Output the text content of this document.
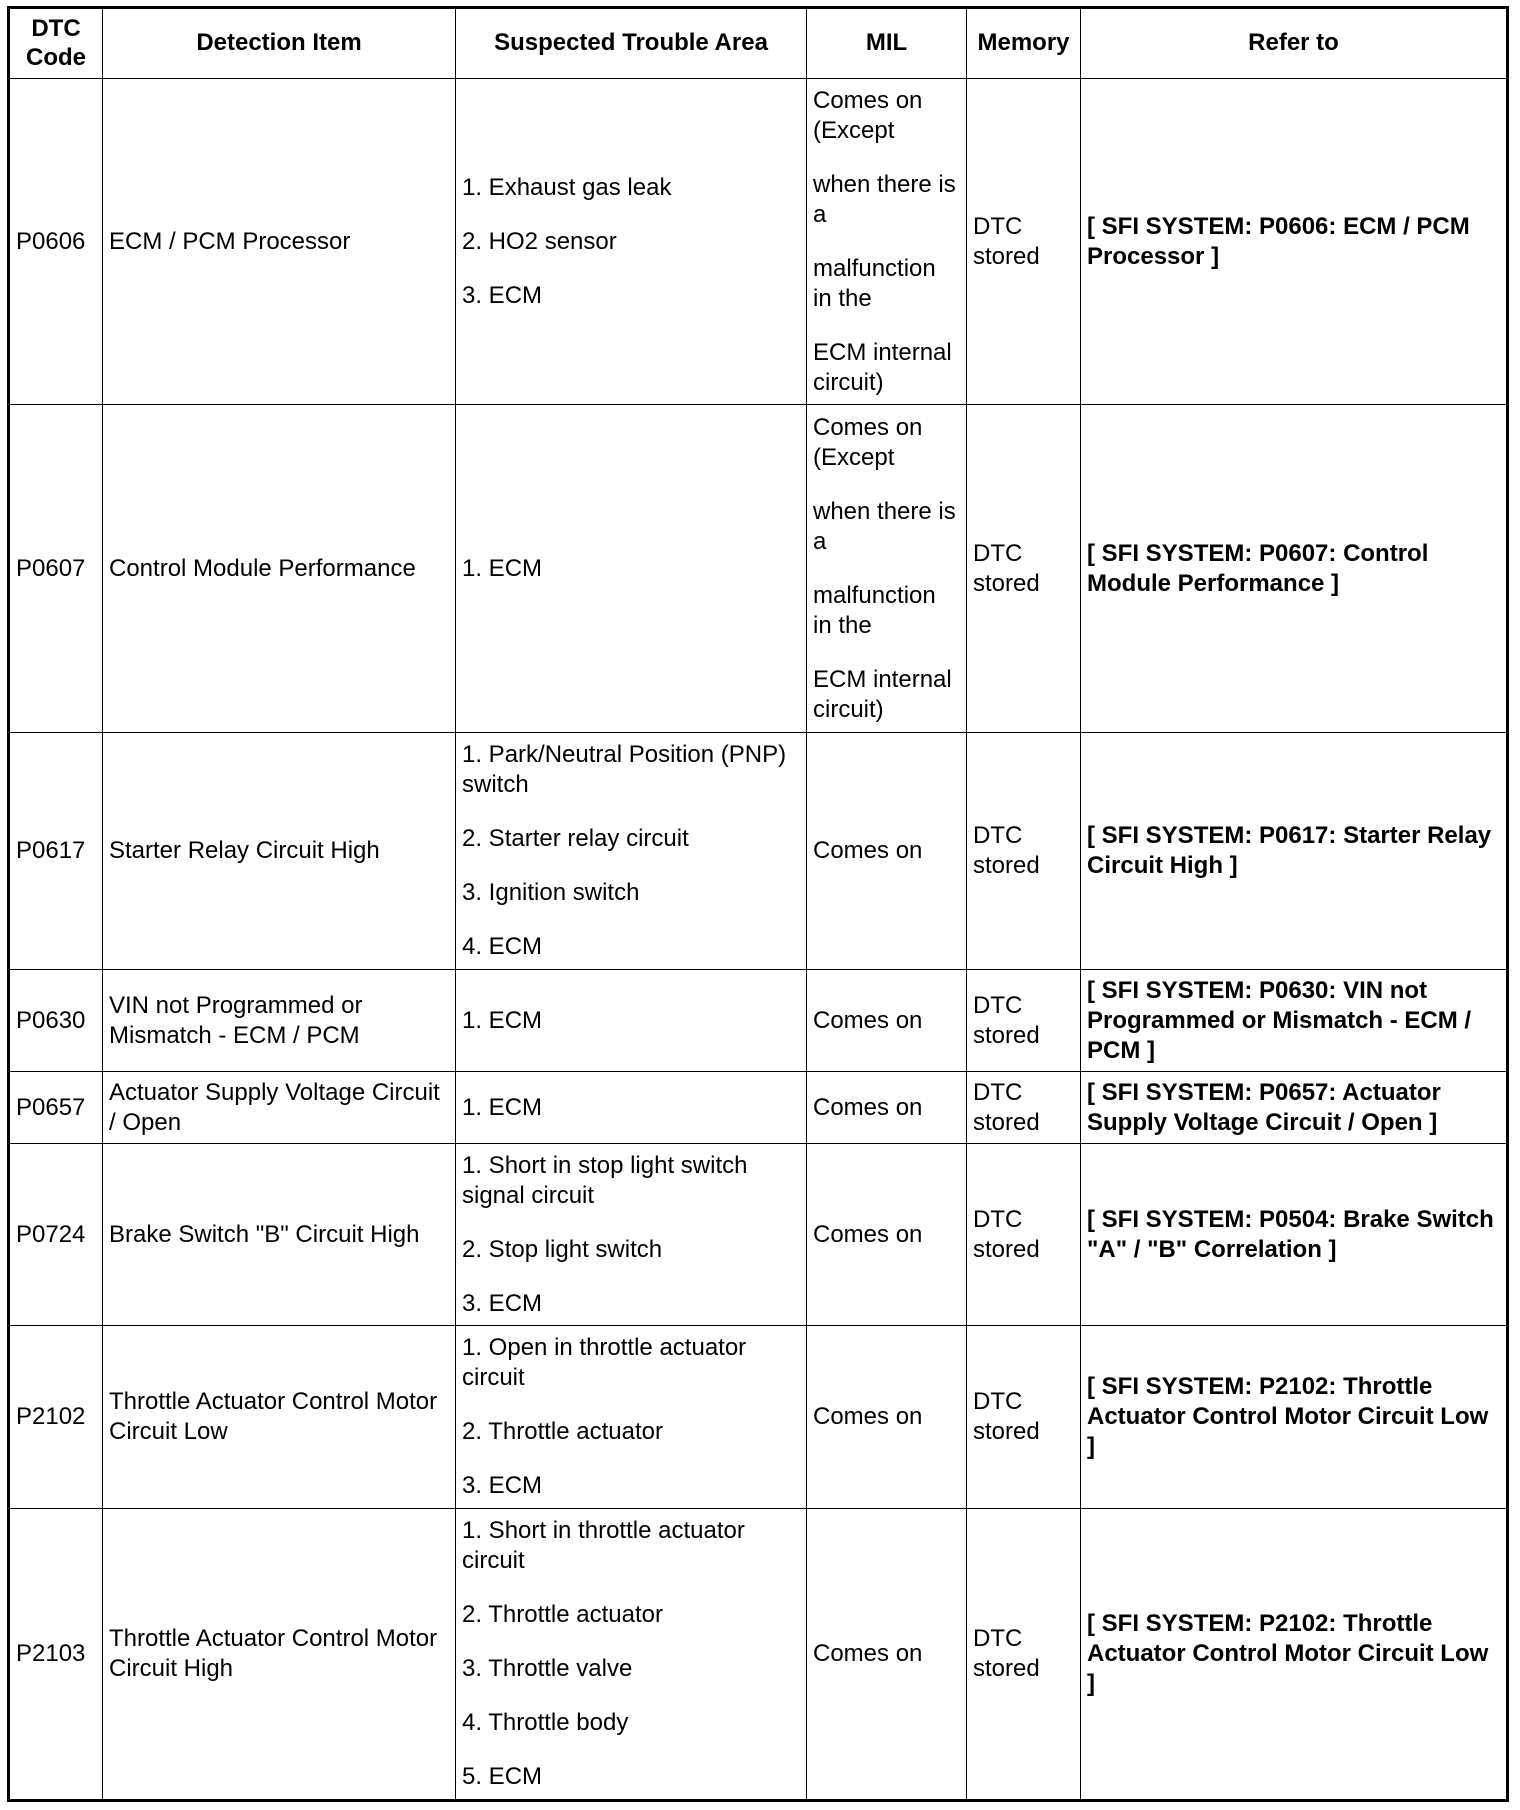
DTC Code	Detection Item	Suspected Trouble Area	MIL	Memory	Refer to
P0606	ECM / PCM Processor	1. Exhaust gas leak
2. HO2 sensor
3. ECM	Comes on (Except
when there is a
malfunction in the
ECM internal circuit)	DTC stored	[ SFI SYSTEM: P0606: ECM / PCM Processor ]
P0607	Control Module Performance	1. ECM	Comes on (Except
when there is a
malfunction in the
ECM internal circuit)	DTC stored	[ SFI SYSTEM: P0607: Control Module Performance ]
P0617	Starter Relay Circuit High	1. Park/Neutral Position (PNP) switch
2. Starter relay circuit
3. Ignition switch
4. ECM	Comes on	DTC stored	[ SFI SYSTEM: P0617: Starter Relay Circuit High ]
P0630	VIN not Programmed or Mismatch - ECM / PCM	1. ECM	Comes on	DTC stored	[ SFI SYSTEM: P0630: VIN not Programmed or Mismatch - ECM / PCM ]
P0657	Actuator Supply Voltage Circuit / Open	1. ECM	Comes on	DTC stored	[ SFI SYSTEM: P0657: Actuator Supply Voltage Circuit / Open ]
P0724	Brake Switch "B" Circuit High	1. Short in stop light switch signal circuit
2. Stop light switch
3. ECM	Comes on	DTC stored	[ SFI SYSTEM: P0504: Brake Switch "A" / "B" Correlation ]
P2102	Throttle Actuator Control Motor Circuit Low	1. Open in throttle actuator circuit
2. Throttle actuator
3. ECM	Comes on	DTC stored	[ SFI SYSTEM: P2102: Throttle Actuator Control Motor Circuit Low ]
P2103	Throttle Actuator Control Motor Circuit High	1. Short in throttle actuator circuit
2. Throttle actuator
3. Throttle valve
4. Throttle body
5. ECM	Comes on	DTC stored	[ SFI SYSTEM: P2102: Throttle Actuator Control Motor Circuit Low ]
